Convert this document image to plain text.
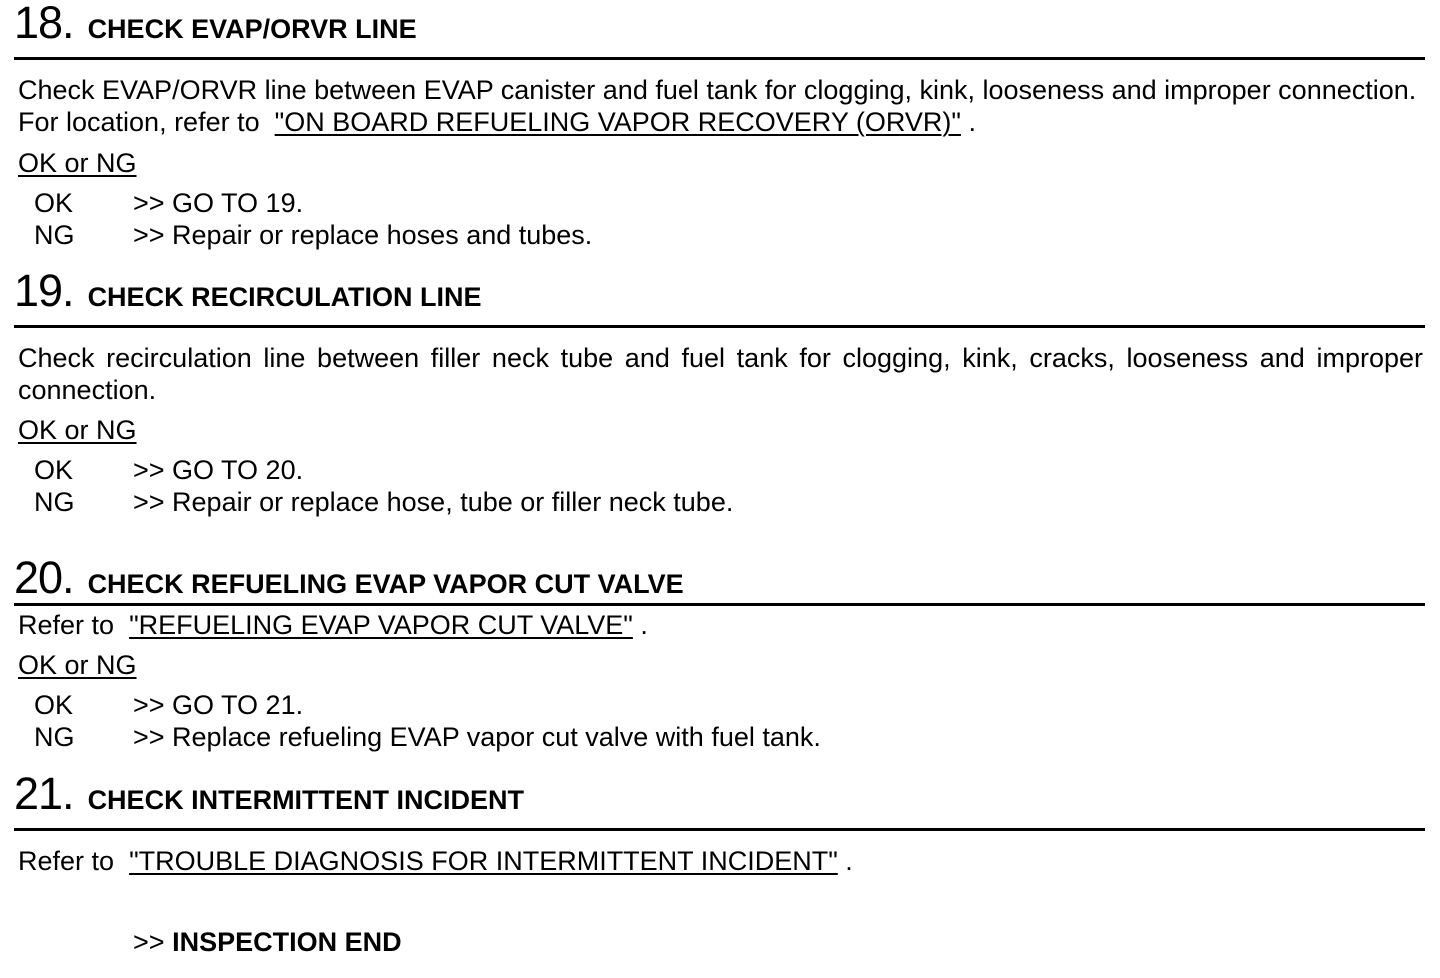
18. CHECK EVAP/ORVR LINE
Check EVAP/ORVR line between EVAP canister and fuel tank for clogging, kink, looseness and improper connection. For location, refer to "ON BOARD REFUELING VAPOR RECOVERY (ORVR)" .
OK or NG
OK >> GO TO 19.
NG >> Repair or replace hoses and tubes.
19. CHECK RECIRCULATION LINE
Check recirculation line between filler neck tube and fuel tank for clogging, kink, cracks, looseness and improper connection.
OK or NG
OK >> GO TO 20.
NG >> Repair or replace hose, tube or filler neck tube.
20. CHECK REFUELING EVAP VAPOR CUT VALVE
Refer to "REFUELING EVAP VAPOR CUT VALVE" .
OK or NG
OK >> GO TO 21.
NG >> Replace refueling EVAP vapor cut valve with fuel tank.
21. CHECK INTERMITTENT INCIDENT
Refer to "TROUBLE DIAGNOSIS FOR INTERMITTENT INCIDENT" .
>> INSPECTION END
